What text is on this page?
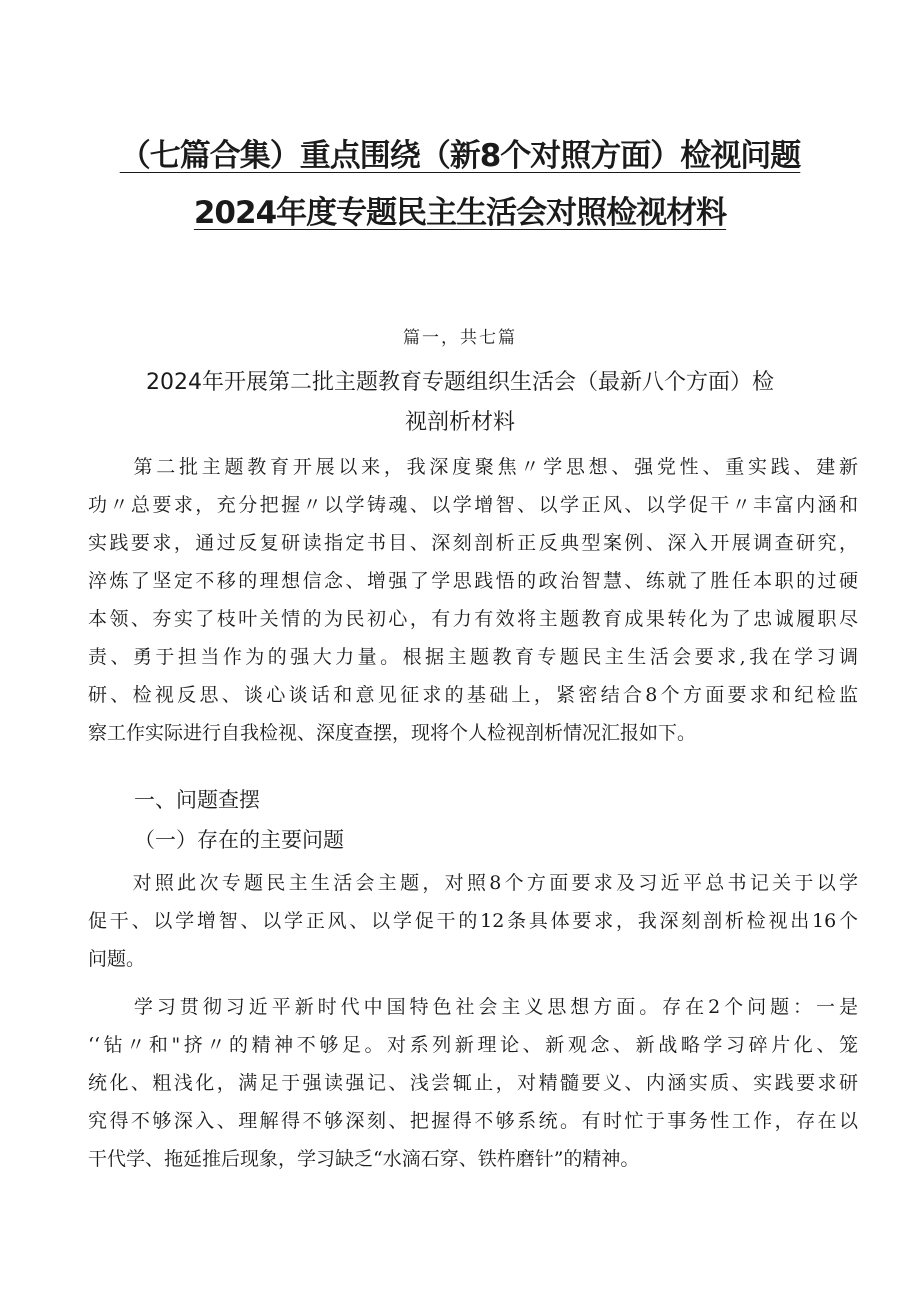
（七篇合集）重点围绕（新8个对照方面）检视问题
2024年度专题民主生活会对照检视材料
篇一，共七篇
2024年开展第二批主题教育专题组织生活会（最新八个方面）检
视剖析材料
　　第二批主题教育开展以来，我深度聚焦〃学思想、强党性、重实践、建新
功〃总要求，充分把握〃以学铸魂、以学增智、以学正风、以学促干〃丰富内涵和
实践要求，通过反复研读指定书目、深刻剖析正反典型案例、深入开展调查研究，
淬炼了坚定不移的理想信念、增强了学思践悟的政治智慧、练就了胜任本职的过硬
本领、夯实了枝叶关情的为民初心，有力有效将主题教育成果转化为了忠诚履职尽
责、勇于担当作为的强大力量。根据主题教育专题民主生活会要求,我在学习调
研、检视反思、谈心谈话和意见征求的基础上，紧密结合8个方面要求和纪检监
察工作实际进行自我检视、深度查摆，现将个人检视剖析情况汇报如下。
一、问题查摆
（一）存在的主要问题
　　对照此次专题民主生活会主题，对照8个方面要求及习近平总书记关于以学
促干、以学增智、以学正风、以学促干的12条具体要求，我深刻剖析检视出16个
问题。
　　学习贯彻习近平新时代中国特色社会主义思想方面。存在2个问题：一是
‘‘钻〃和"挤〃的精神不够足。对系列新理论、新观念、新战略学习碎片化、笼
统化、粗浅化，满足于强读强记、浅尝辄止，对精髓要义、内涵实质、实践要求研
究得不够深入、理解得不够深刻、把握得不够系统。有时忙于事务性工作，存在以
干代学、拖延推后现象，学习缺乏“水滴石穿、铁杵磨针”的精神。
